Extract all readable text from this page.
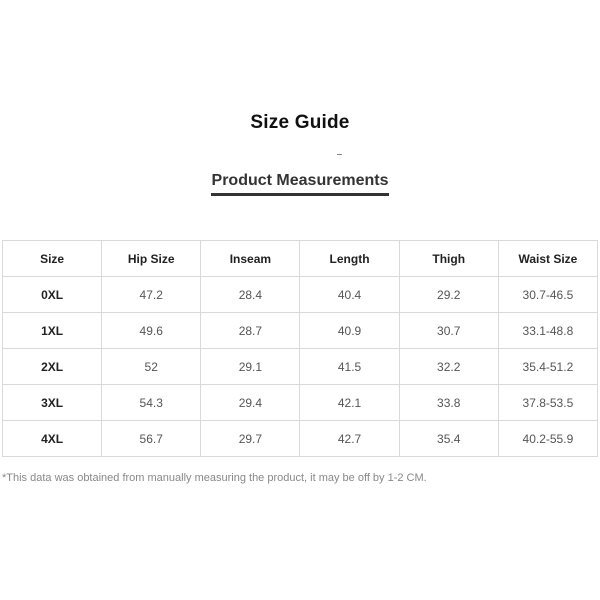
Size Guide
Product Measurements
Size	Hip Size	Inseam	Length	Thigh	Waist Size
0XL	47.2	28.4	40.4	29.2	30.7-46.5
1XL	49.6	28.7	40.9	30.7	33.1-48.8
2XL	52	29.1	41.5	32.2	35.4-51.2
3XL	54.3	29.4	42.1	33.8	37.8-53.5
4XL	56.7	29.7	42.7	35.4	40.2-55.9
*This data was obtained from manually measuring the product, it may be off by 1-2 CM.
